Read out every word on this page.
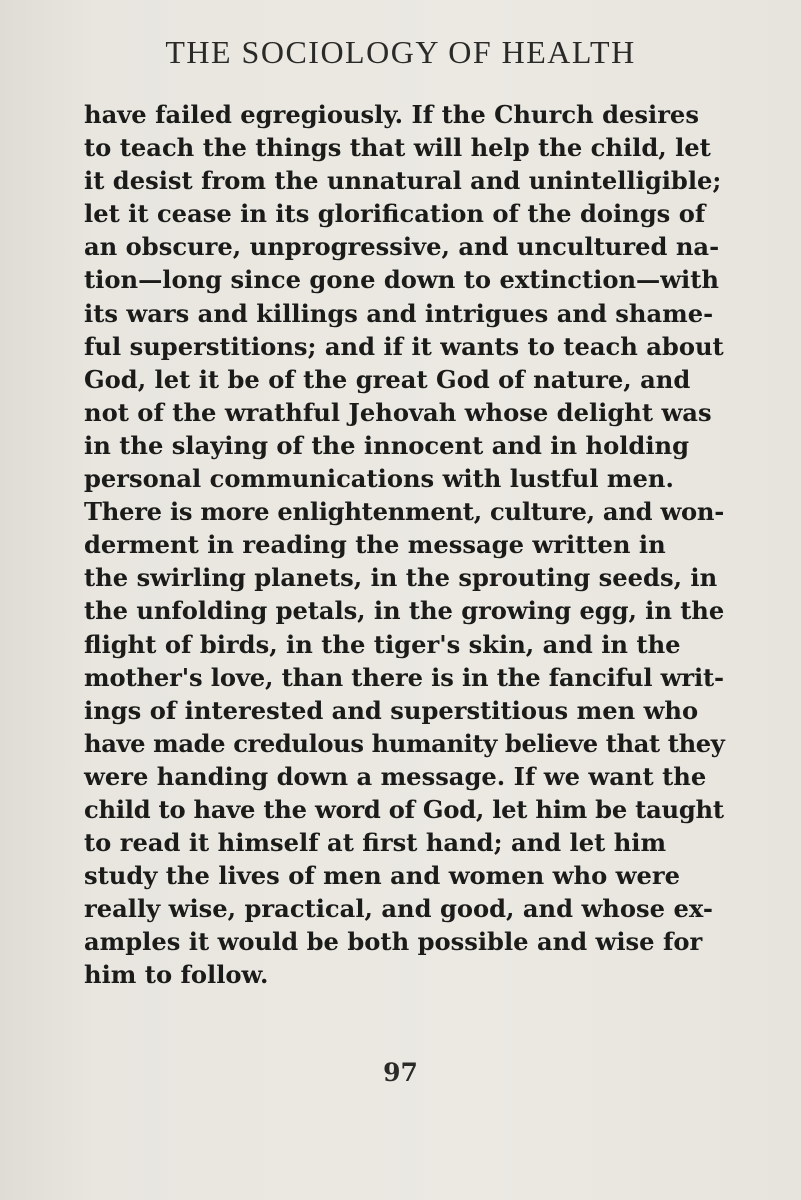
THE SOCIOLOGY OF HEALTH
have failed egregiously. If the Church desires
to teach the things that will help the child, let
it desist from the unnatural and unintelligible;
let it cease in its glorification of the doings of
an obscure, unprogressive, and uncultured na-
tion—long since gone down to extinction—with
its wars and killings and intrigues and shame-
ful superstitions; and if it wants to teach about
God, let it be of the great God of nature, and
not of the wrathful Jehovah whose delight was
in the slaying of the innocent and in holding
personal communications with lustful men.
There is more enlightenment, culture, and won-
derment in reading the message written in
the swirling planets, in the sprouting seeds, in
the unfolding petals, in the growing egg, in the
flight of birds, in the tiger's skin, and in the
mother's love, than there is in the fanciful writ-
ings of interested and superstitious men who
have made credulous humanity believe that they
were handing down a message. If we want the
child to have the word of God, let him be taught
to read it himself at first hand; and let him
study the lives of men and women who were
really wise, practical, and good, and whose ex-
amples it would be both possible and wise for
him to follow.
97
